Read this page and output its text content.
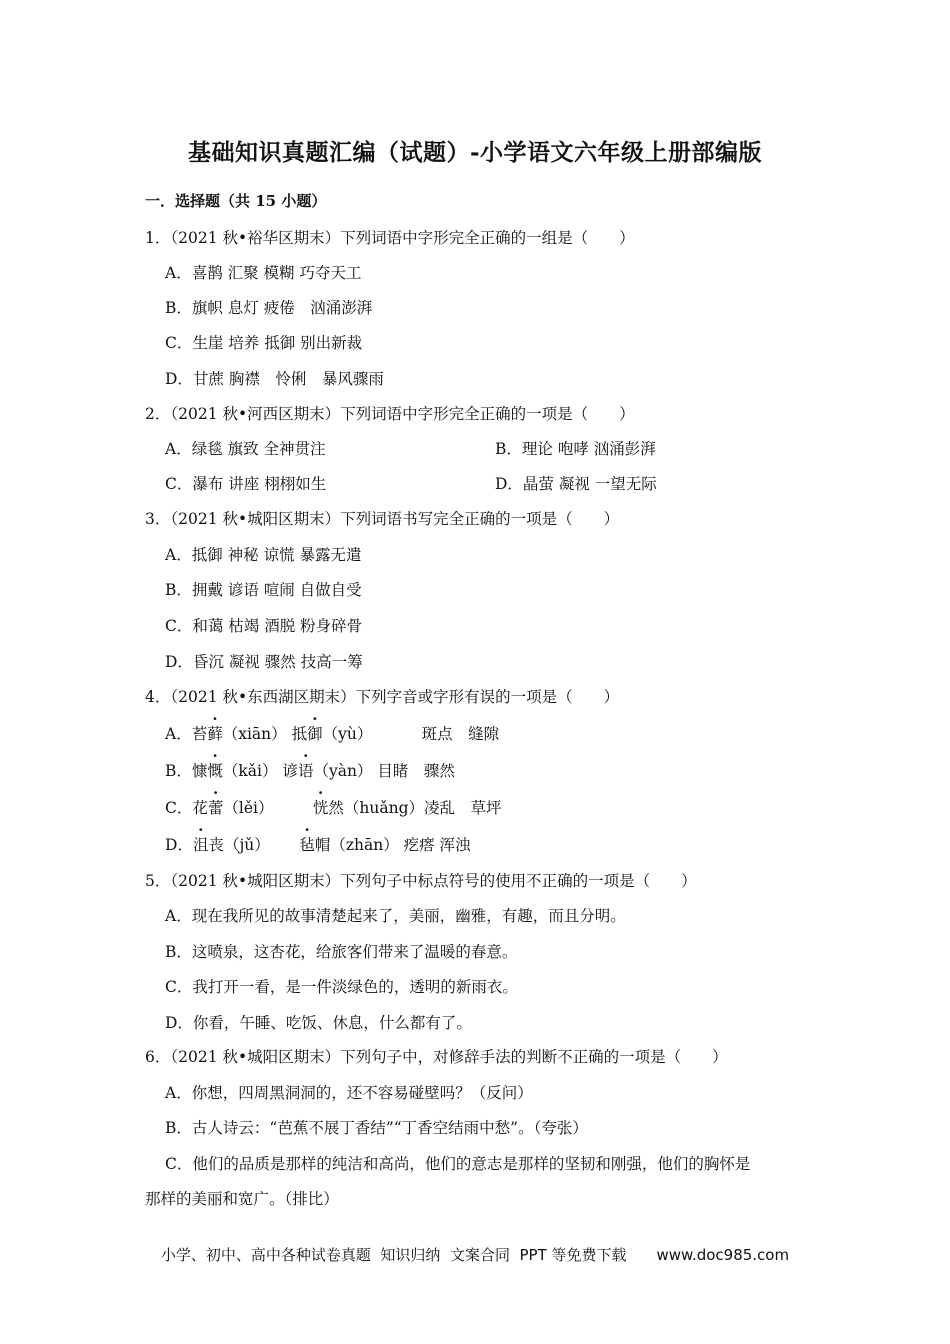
基础知识真题汇编（试题）-小学语文六年级上册部编版
一．选择题（共 15 小题）
1．（2021 秋•裕华区期末）下列词语中字形完全正确的一组是（　　）
A．喜鹊 汇聚 模糊 巧夺天工
B．旗帜 息灯 疲倦　汹涌澎湃
C．生崖 培养 抵御 别出新裁
D．甘蔗 胸襟　怜俐　暴风骤雨
2．（2021 秋•河西区期末）下列词语中字形完全正确的一项是（　　）
A．绿毯 旗致 全神贯注	B．理论 咆哮 汹涌彭湃
C．瀑布 讲座 栩栩如生	D．晶萤 凝视 一望无际
3．（2021 秋•城阳区期末）下列词语书写完全正确的一项是（　　）
A．抵御 神秘 谅慌 暴露无遣
B．拥戴 谚语 喧闹 自做自受
C．和蔼 枯竭 酒脱 粉身碎骨
D．昏沉 凝视 骤然 技高一筹
4．（2021 秋•东西湖区期末）下列字音或字形有误的一项是（　　）
A．苔藓（xiān） 抵御（yù）          斑点　缝隙
B．慷慨（kǎi） 谚语（yàn） 目睹　骤然
C．花蕾（lěi）        恍然（huǎng）凌乱　草坪
D．沮丧（jǔ）      毡帽（zhān） 疙瘩 浑浊
5．（2021 秋•城阳区期末）下列句子中标点符号的使用不正确的一项是（　　）
A．现在我所见的故事清楚起来了，美丽，幽雅，有趣，而且分明。
B．这喷泉，这杏花，给旅客们带来了温暖的春意。
C．我打开一看，是一件淡绿色的，透明的新雨衣。
D．你看，午睡、吃饭、休息，什么都有了。
6．（2021 秋•城阳区期末）下列句子中，对修辞手法的判断不正确的一项是（　　）
A．你想，四周黑洞洞的，还不容易碰壁吗？（反问）
B．古人诗云：“芭蕉不展丁香结”“丁香空结雨中愁”。（夸张）
C．他们的品质是那样的纯洁和高尚，他们的意志是那样的坚韧和刚强，他们的胸怀是
那样的美丽和宽广。（排比）
小学、初中、高中各种试卷真题  知识归纳  文案合同  PPT 等免费下载　　www.doc985.com
